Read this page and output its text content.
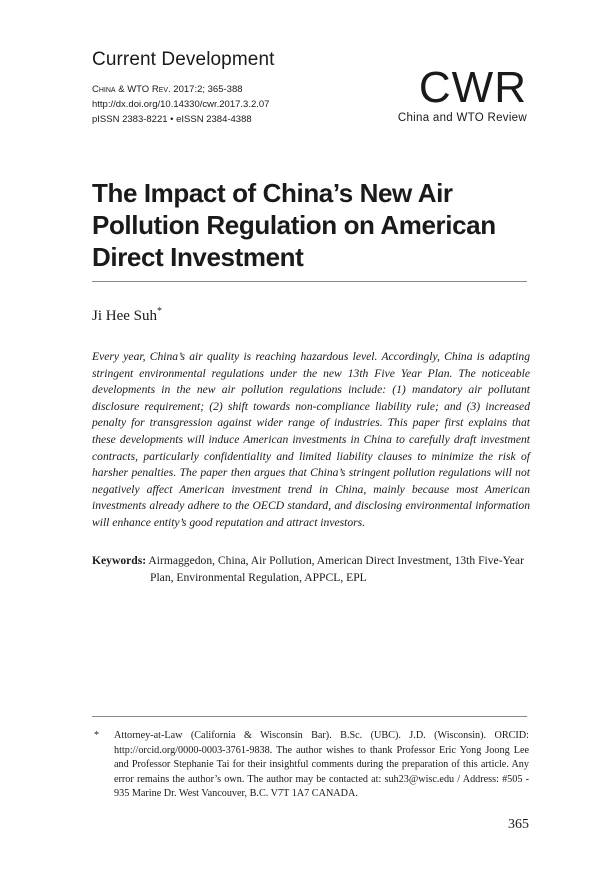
Current Development
China & WTO Rev. 2017:2; 365-388
http://dx.doi.org/10.14330/cwr.2017.3.2.07
pISSN 2383-8221 • eISSN 2384-4388
CWR
China and WTO Review
The Impact of China’s New Air Pollution Regulation on American Direct Investment
Ji Hee Suh*
Every year, China’s air quality is reaching hazardous level. Accordingly, China is adapting stringent environmental regulations under the new 13th Five Year Plan. The noticeable developments in the new air pollution regulations include: (1) mandatory air pollutant disclosure requirement; (2) shift towards non-compliance liability rule; and (3) increased penalty for transgression against wider range of industries. This paper first explains that these developments will induce American investments in China to carefully draft investment contracts, particularly confidentiality and limited liability clauses to minimize the risk of harsher penalties. The paper then argues that China’s stringent pollution regulations will not negatively affect American investment trend in China, mainly because most American investments already adhere to the OECD standard, and disclosing environmental information will enhance entity’s good reputation and attract investors.
Keywords: Airmaggedon, China, Air Pollution, American Direct Investment, 13th Five-Year Plan, Environmental Regulation, APPCL, EPL
* Attorney-at-Law (California & Wisconsin Bar). B.Sc. (UBC). J.D. (Wisconsin). ORCID: http://orcid.org/0000-0003-3761-9838. The author wishes to thank Professor Eric Yong Joong Lee and Professor Stephanie Tai for their insightful comments during the preparation of this article. Any error remains the author’s own. The author may be contacted at: suh23@wisc.edu / Address: #505 - 935 Marine Dr. West Vancouver, B.C. V7T 1A7 CANADA.
365
